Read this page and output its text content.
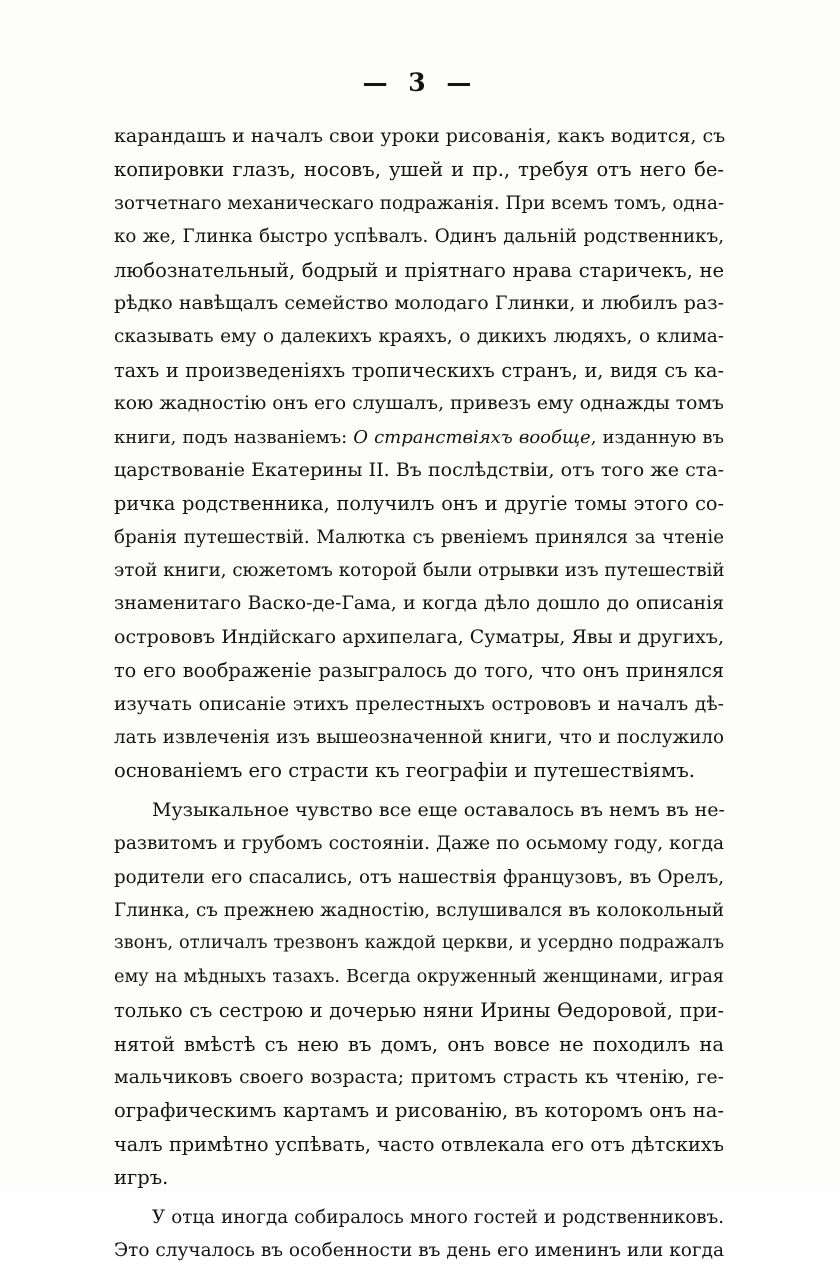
— 3 —
карандашъ и началъ свои уроки рисованія, какъ водится, съ
копировки глазъ, носовъ, ушей и пр., требуя отъ него бе-
зотчетнаго механическаго подражанія. При всемъ томъ, одна-
ко же, Глинка быстро успѣвалъ. Одинъ дальній родственникъ,
любознательный, бодрый и пріятнаго нрава старичекъ, не
рѣдко навѣщалъ семейство молодаго Глинки, и любилъ раз-
сказывать ему о далекихъ краяхъ, о дикихъ людяхъ, о клима-
тахъ и произведеніяхъ тропическихъ странъ, и, видя съ ка-
кою жадностію онъ его слушалъ, привезъ ему однажды томъ
книги, подъ названіемъ: О странствіяхъ вообще, изданную въ
царствованіе Екатерины II. Въ послѣдствіи, отъ того же ста-
ричка родственника, получилъ онъ и другіе томы этого со-
бранія путешествій. Малютка съ рвеніемъ принялся за чтеніе
этой книги, сюжетомъ которой были отрывки изъ путешествій
знаменитаго Васко-де-Гама, и когда дѣло дошло до описанія
острововъ Индійскаго архипелага, Суматры, Явы и другихъ,
то его воображеніе разыгралось до того, что онъ принялся
изучать описаніе этихъ прелестныхъ острововъ и началъ дѣ-
лать извлеченія изъ вышеозначенной книги, что и послужило
основаніемъ его страсти къ географіи и путешествіямъ.
Музыкальное чувство все еще оставалось въ немъ въ не-
развитомъ и грубомъ состояніи. Даже по осьмому году, когда
родители его спасались, отъ нашествія французовъ, въ Орелъ,
Глинка, съ прежнею жадностію, вслушивался въ колокольный
звонъ, отличалъ трезвонъ каждой церкви, и усердно подражалъ
ему на мѣдныхъ тазахъ. Всегда окруженный женщинами, играя
только съ сестрою и дочерью няни Ирины Ѳедоровой, при-
нятой вмѣстѣ съ нею въ домъ, онъ вовсе не походилъ на
мальчиковъ своего возраста; притомъ страсть къ чтенію, ге-
ографическимъ картамъ и рисованію, въ которомъ онъ на-
чалъ примѣтно успѣвать, часто отвлекала его отъ дѣтскихъ
игръ.
У отца иногда собиралось много гостей и родственниковъ.
Это случалось въ особенности въ день его именинъ или когда
